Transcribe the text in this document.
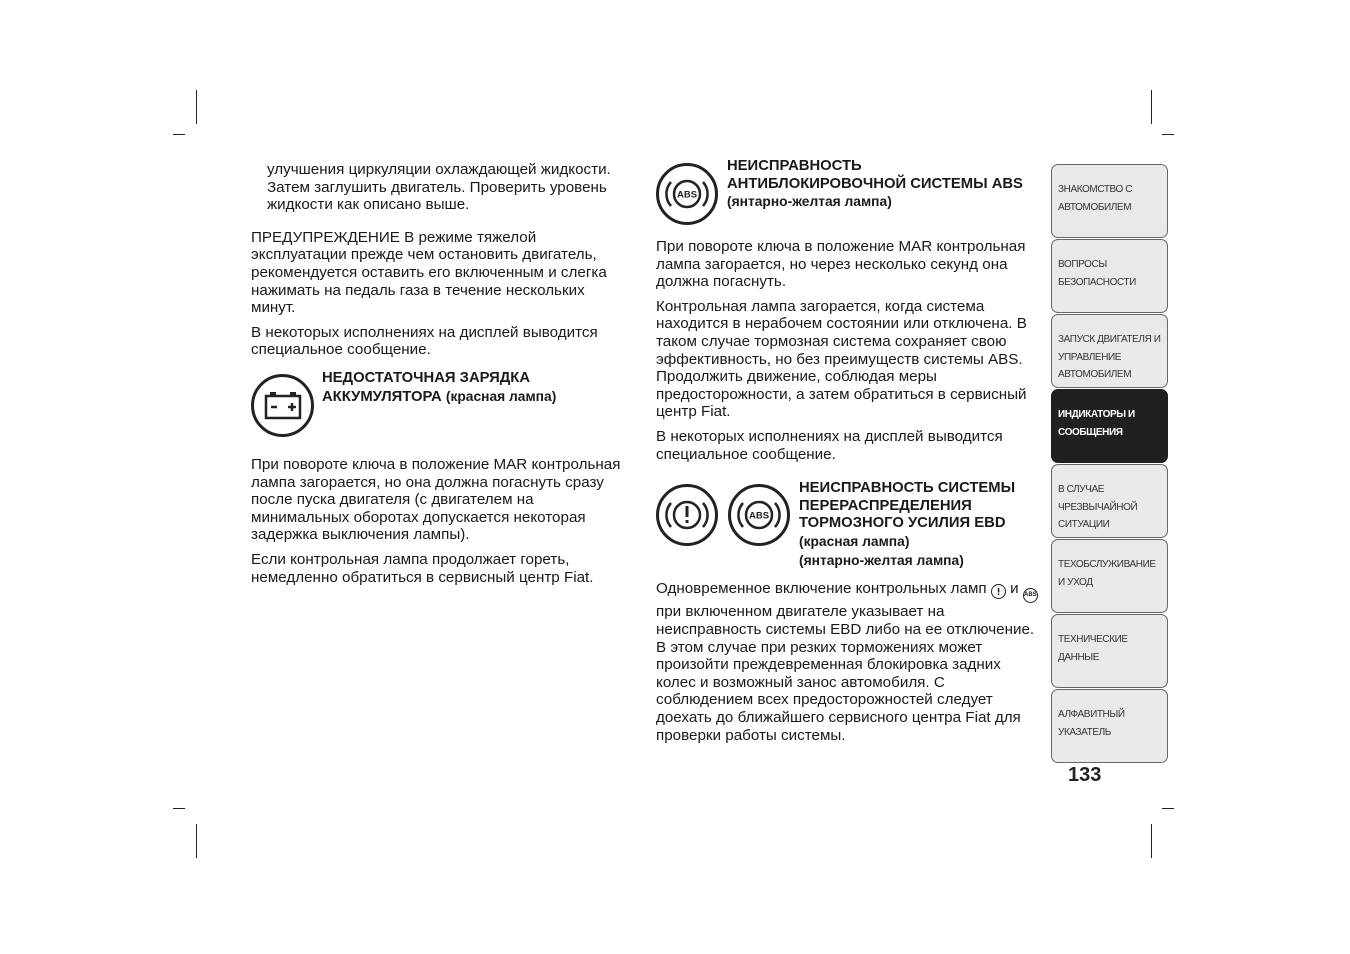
улучшения циркуляции охлаждающей жидкости. Затем заглушить двигатель. Проверить уровень жидкости как описано выше.

ПРЕДУПРЕЖДЕНИЕ В режиме тяжелой эксплуатации прежде чем остановить двигатель, рекомендуется оставить его включенным и слегка нажимать на педаль газа в течение нескольких минут.

В некоторых исполнениях на дисплей выводится специальное сообщение.

НЕДОСТАТОЧНАЯ ЗАРЯДКА АККУМУЛЯТОРА (красная лампа)

При повороте ключа в положение MAR контрольная лампа загорается, но она должна погаснуть сразу после пуска двигателя (с двигателем на минимальных оборотах допускается некоторая задержка выключения лампы).

Если контрольная лампа продолжает гореть, немедленно обратиться в сервисный центр Fiat.

ABS

НЕИСПРАВНОСТЬ АНТИБЛОКИРОВОЧНОЙ СИСТЕМЫ ABS (янтарно-желтая лампа)

При повороте ключа в положение MAR контрольная лампа загорается, но через несколько секунд она должна погаснуть.

Контрольная лампа загорается, когда система находится в нерабочем состоянии или отключена. В таком случае тормозная система сохраняет свою эффективность, но без преимуществ системы ABS. Продолжить движение, соблюдая меры предосторожности, а затем обратиться в сервисный центр Fiat.

В некоторых исполнениях на дисплей выводится специальное сообщение.

ABS

НЕИСПРАВНОСТЬ СИСТЕМЫ ПЕРЕРАСПРЕДЕЛЕНИЯ ТОРМОЗНОГО УСИЛИЯ EBD
(красная лампа)
(янтарно-желтая лампа)

Одновременное включение контрольных ламп и ABS при включенном двигателе указывает на неисправность системы EBD либо на ее отключение. В этом случае при резких торможениях может произойти преждевременная блокировка задних колес и возможный занос автомобиля. С соблюдением всех предосторожностей следует доехать до ближайшего сервисного центра Fiat для проверки работы системы.

ЗНАКОМСТВО С
АВТОМОБИЛЕМ
ВОПРОСЫ
БЕЗОПАСНОСТИ
ЗАПУСК ДВИГАТЕЛЯ И
УПРАВЛЕНИЕ
АВТОМОБИЛЕМ
ИНДИКАТОРЫ И
СООБЩЕНИЯ
В СЛУЧАЕ
ЧРЕЗВЫЧАЙНОЙ
СИТУАЦИИ
ТЕХОБСЛУЖИВАНИЕ
И УХОД
ТЕХНИЧЕСКИЕ
ДАННЫЕ
АЛФАВИТНЫЙ
УКАЗАТЕЛЬ
133
